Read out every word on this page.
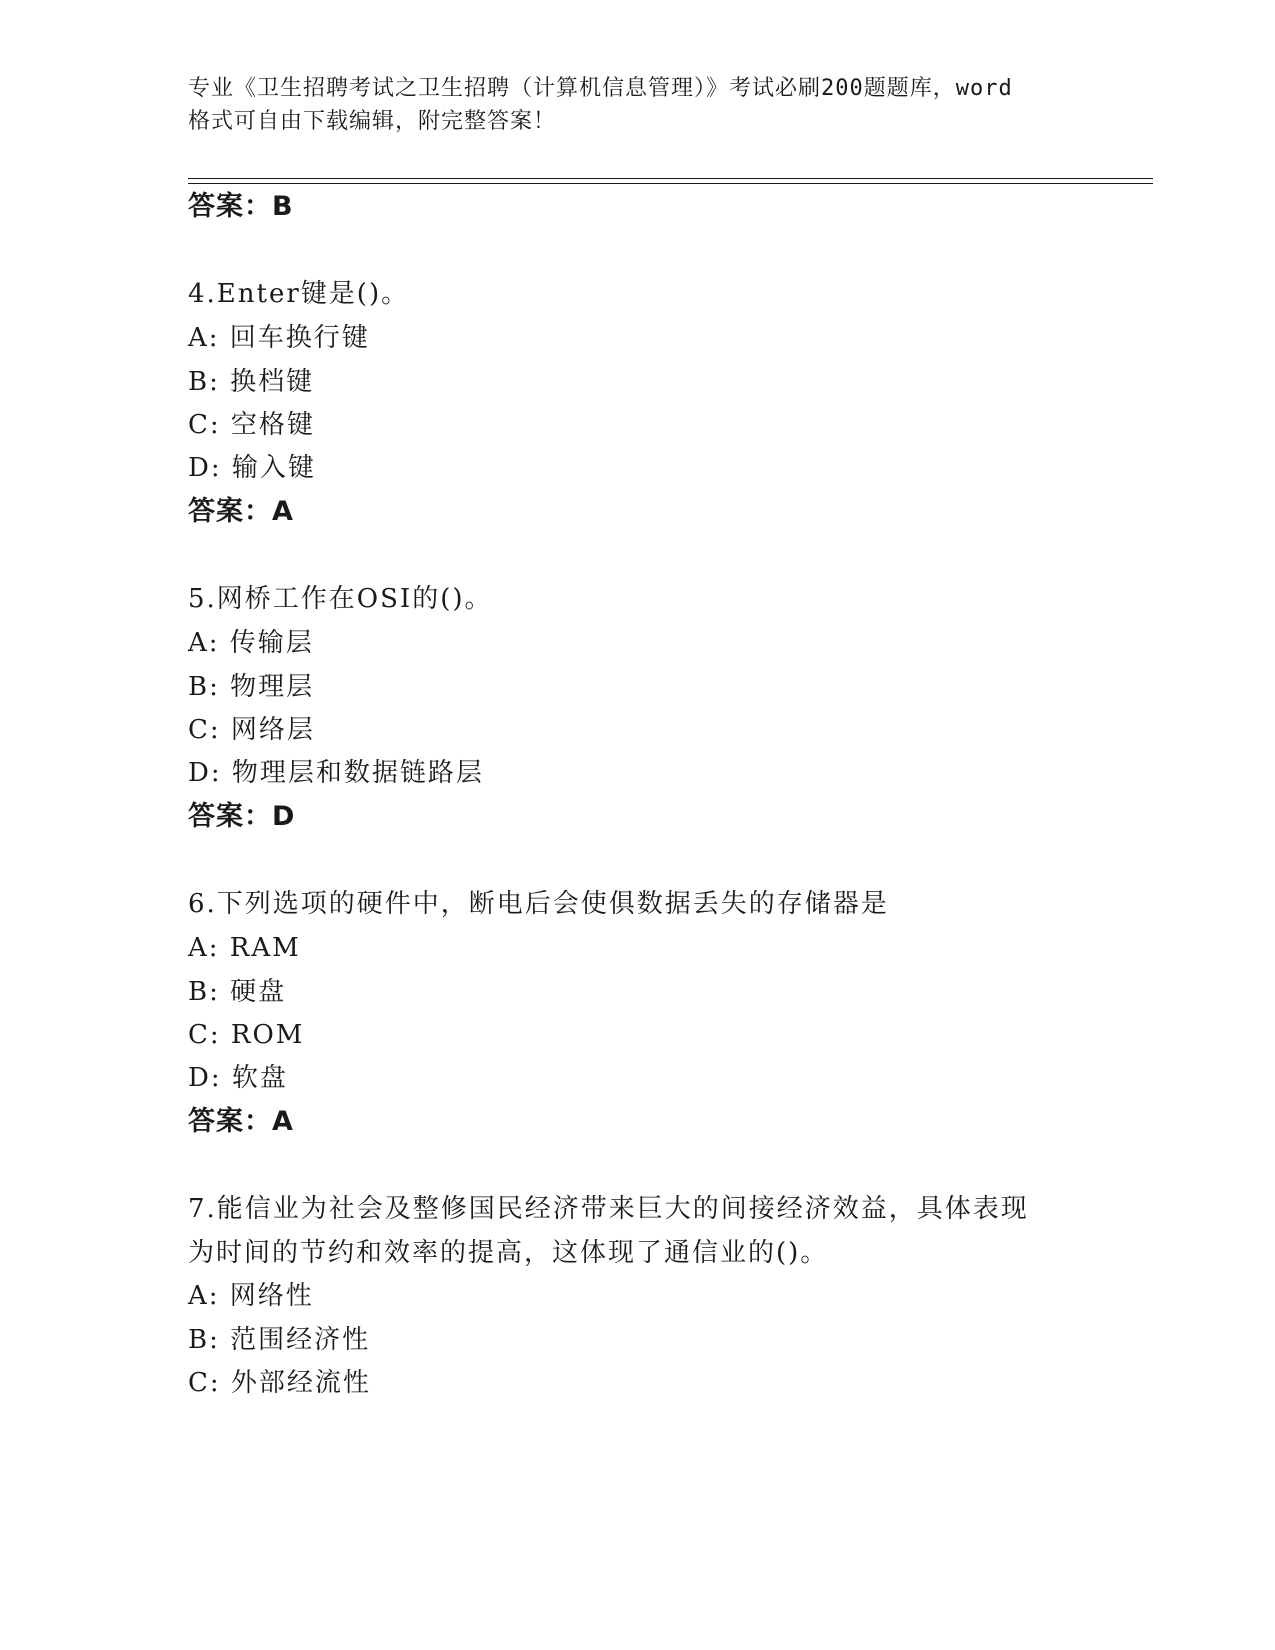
专业《卫生招聘考试之卫生招聘（计算机信息管理）》考试必刷200题题库，word
格式可自由下载编辑，附完整答案！
答案：B
4.Enter键是()。
A: 回车换行键
B: 换档键
C: 空格键
D: 输入键
答案：A
5.网桥工作在OSI的()。
A: 传输层
B: 物理层
C: 网络层
D: 物理层和数据链路层
答案：D
6.下列选项的硬件中，断电后会使俱数据丢失的存储器是
A: RAM
B: 硬盘
C: ROM
D: 软盘
答案：A
7.能信业为社会及整修国民经济带来巨大的间接经济效益，具体表现
为时间的节约和效率的提高，这体现了通信业的()。
A: 网络性
B: 范围经济性
C: 外部经流性
